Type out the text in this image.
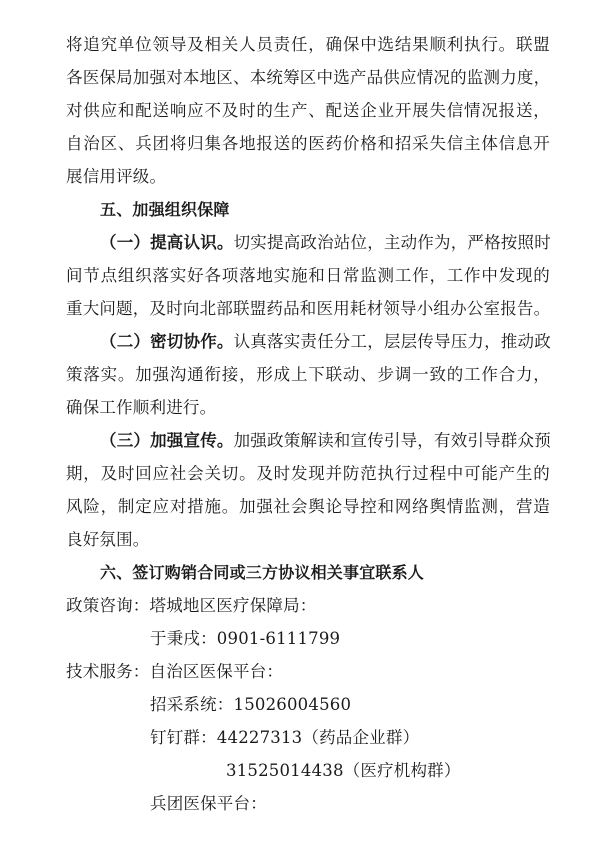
将追究单位领导及相关人员责任，确保中选结果顺利执行。联盟
各医保局加强对本地区、本统筹区中选产品供应情况的监测力度，
对供应和配送响应不及时的生产、配送企业开展失信情况报送，
自治区、兵团将归集各地报送的医药价格和招采失信主体信息开
展信用评级。
五、加强组织保障
（一）提高认识。切实提高政治站位，主动作为，严格按照时
间节点组织落实好各项落地实施和日常监测工作，工作中发现的
重大问题，及时向北部联盟药品和医用耗材领导小组办公室报告。
（二）密切协作。认真落实责任分工，层层传导压力，推动政
策落实。加强沟通衔接，形成上下联动、步调一致的工作合力，
确保工作顺利进行。
（三）加强宣传。加强政策解读和宣传引导，有效引导群众预
期，及时回应社会关切。及时发现并防范执行过程中可能产生的
风险，制定应对措施。加强社会舆论导控和网络舆情监测，营造
良好氛围。
六、签订购销合同或三方协议相关事宜联系人
政策咨询：塔城地区医疗保障局：
于秉戌：0901-6111799
技术服务：自治区医保平台：
招采系统：15026004560
钉钉群：44227313（药品企业群）
31525014438（医疗机构群）
兵团医保平台：
